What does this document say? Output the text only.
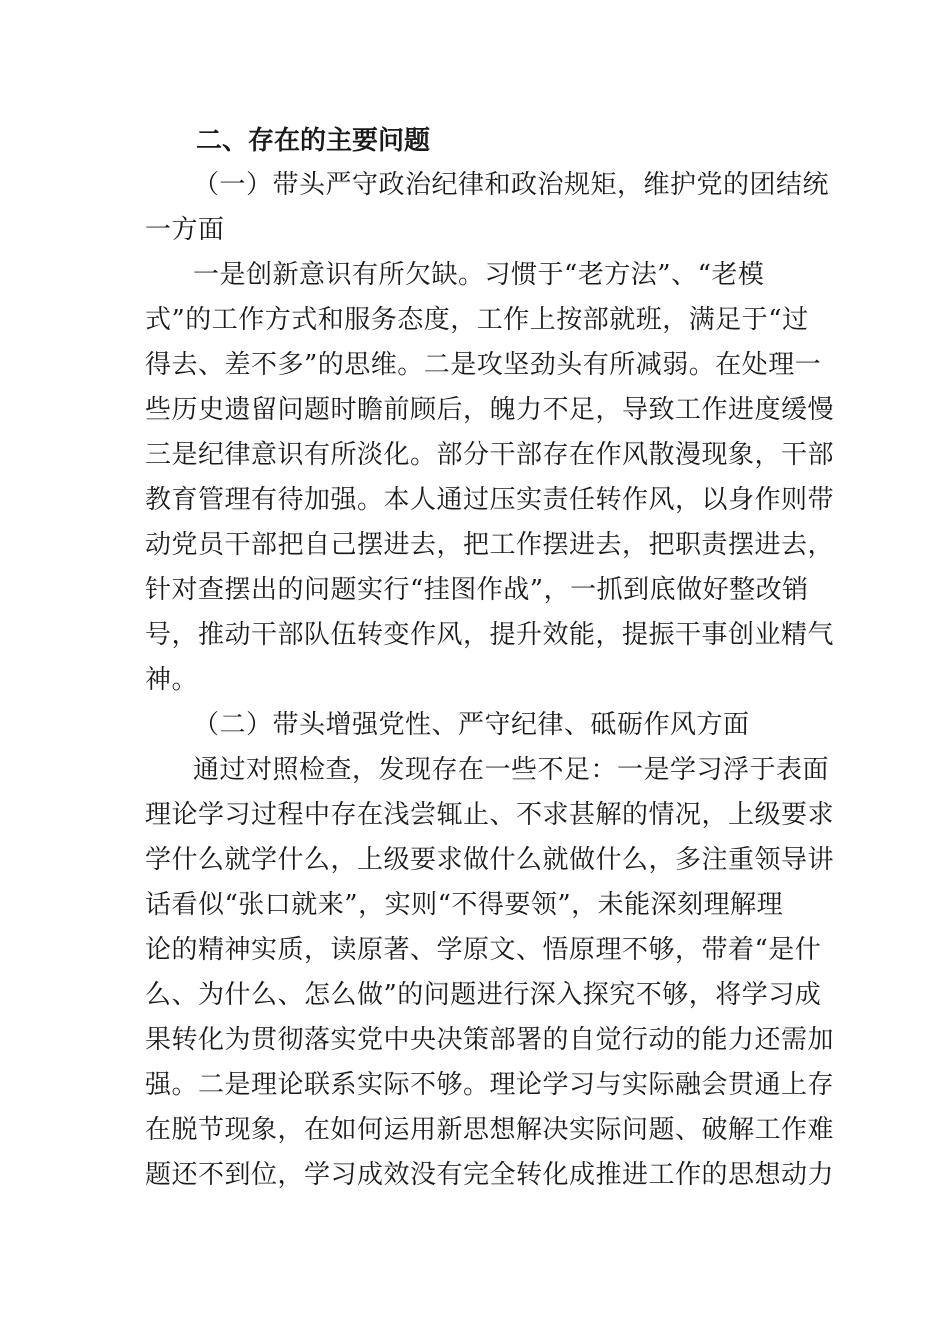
二、存在的主要问题
（一）带头严守政治纪律和政治规矩，维护党的团结统
一方面
一是创新意识有所欠缺。习惯于“老方法”、“老模
式”的工作方式和服务态度，工作上按部就班，满足于“过
得去、差不多”的思维。二是攻坚劲头有所减弱。在处理一
些历史遗留问题时瞻前顾后，魄力不足，导致工作进度缓慢
三是纪律意识有所淡化。部分干部存在作风散漫现象，干部
教育管理有待加强。本人通过压实责任转作风，以身作则带
动党员干部把自己摆进去，把工作摆进去，把职责摆进去，
针对查摆出的问题实行“挂图作战”，一抓到底做好整改销
号，推动干部队伍转变作风，提升效能，提振干事创业精气
神。
（二）带头增强党性、严守纪律、砥砺作风方面
通过对照检查，发现存在一些不足：一是学习浮于表面
理论学习过程中存在浅尝辄止、不求甚解的情况，上级要求
学什么就学什么，上级要求做什么就做什么，多注重领导讲
话看似“张口就来”，实则“不得要领”，未能深刻理解理
论的精神实质，读原著、学原文、悟原理不够，带着“是什
么、为什么、怎么做”的问题进行深入探究不够，将学习成
果转化为贯彻落实党中央决策部署的自觉行动的能力还需加
强。二是理论联系实际不够。理论学习与实际融会贯通上存
在脱节现象，在如何运用新思想解决实际问题、破解工作难
题还不到位，学习成效没有完全转化成推进工作的思想动力
